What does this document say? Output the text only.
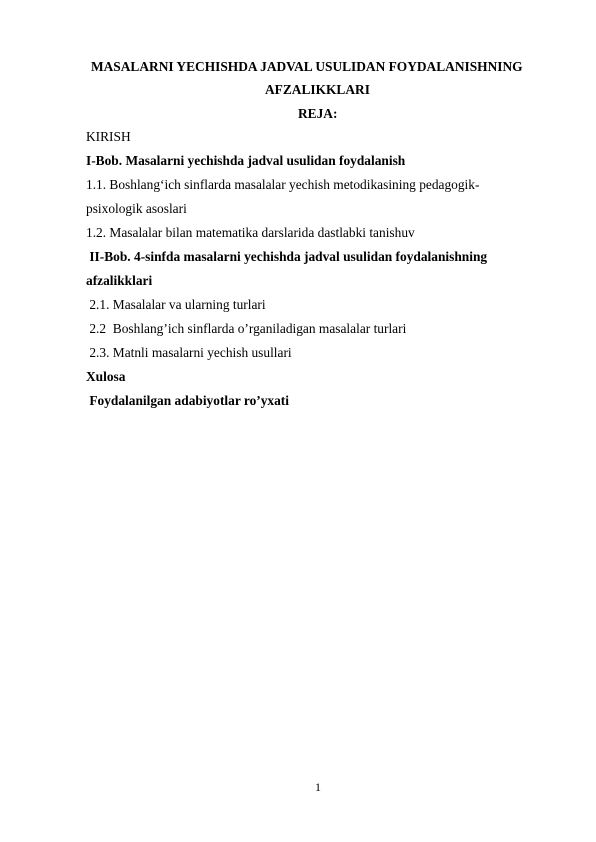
MASALARNI YECHISHDA JADVAL USULIDAN FOYDALANISHNING
AFZALIKKLARI
REJA:
KIRISH
I-Bob. Masalarni yechishda jadval usulidan foydalanish
1.1. Boshlang‘ich sinflarda masalalar yechish metodikasining pedagogik-
psixologik asoslari
1.2. Masalalar bilan matematika darslarida dastlabki tanishuv
II-Bob. 4-sinfda masalarni yechishda jadval usulidan foydalanishning
afzalikklari
2.1. Masalalar va ularning turlari
2.2  Boshlang’ich sinflarda o’rganiladigan masalalar turlari
2.3. Matnli masalarni yechish usullari
Xulosa
Foydalanilgan adabiyotlar ro’yxati
1
